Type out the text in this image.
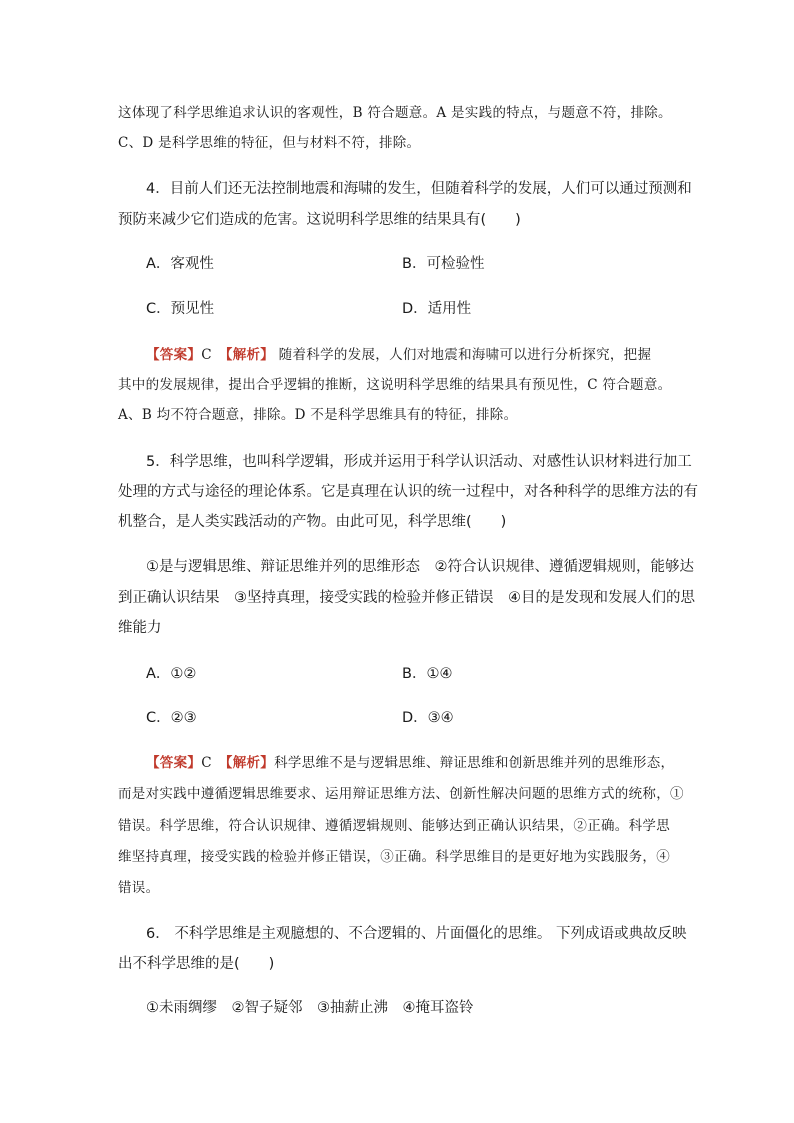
这体现了科学思维追求认识的客观性，B 符合题意。A 是实践的特点，与题意不符，排除。
C、D 是科学思维的特征，但与材料不符，排除。
4．目前人们还无法控制地震和海啸的发生，但随着科学的发展，人们可以通过预测和
预防来减少它们造成的危害。这说明科学思维的结果具有(　　)
A．客观性	B．可检验性
C．预见性	D．适用性
【答案】C　【解析】 随着科学的发展，人们对地震和海啸可以进行分析探究，把握
其中的发展规律，提出合乎逻辑的推断，这说明科学思维的结果具有预见性，C 符合题意。
A、B 均不符合题意，排除。D 不是科学思维具有的特征，排除。
5．科学思维，也叫科学逻辑，形成并运用于科学认识活动、对感性认识材料进行加工
处理的方式与途径的理论体系。它是真理在认识的统一过程中，对各种科学的思维方法的有
机整合，是人类实践活动的产物。由此可见，科学思维(　　)
①是与逻辑思维、辩证思维并列的思维形态　②符合认识规律、遵循逻辑规则，能够达
到正确认识结果　③坚持真理，接受实践的检验并修正错误　④目的是发现和发展人们的思
维能力
A．①②	B．①④
C．②③	D．③④
【答案】C　【解析】科学思维不是与逻辑思维、辩证思维和创新思维并列的思维形态，
而是对实践中遵循逻辑思维要求、运用辩证思维方法、创新性解决问题的思维方式的统称，①
错误。科学思维，符合认识规律、遵循逻辑规则、能够达到正确认识结果，②正确。科学思
维坚持真理，接受实践的检验并修正错误，③正确。科学思维目的是更好地为实践服务，④
错误。
6． 不科学思维是主观臆想的、不合逻辑的、片面僵化的思维。 下列成语或典故反映
出不科学思维的是(　　)
①未雨绸缪　②智子疑邻　③抽薪止沸　④掩耳盗铃
